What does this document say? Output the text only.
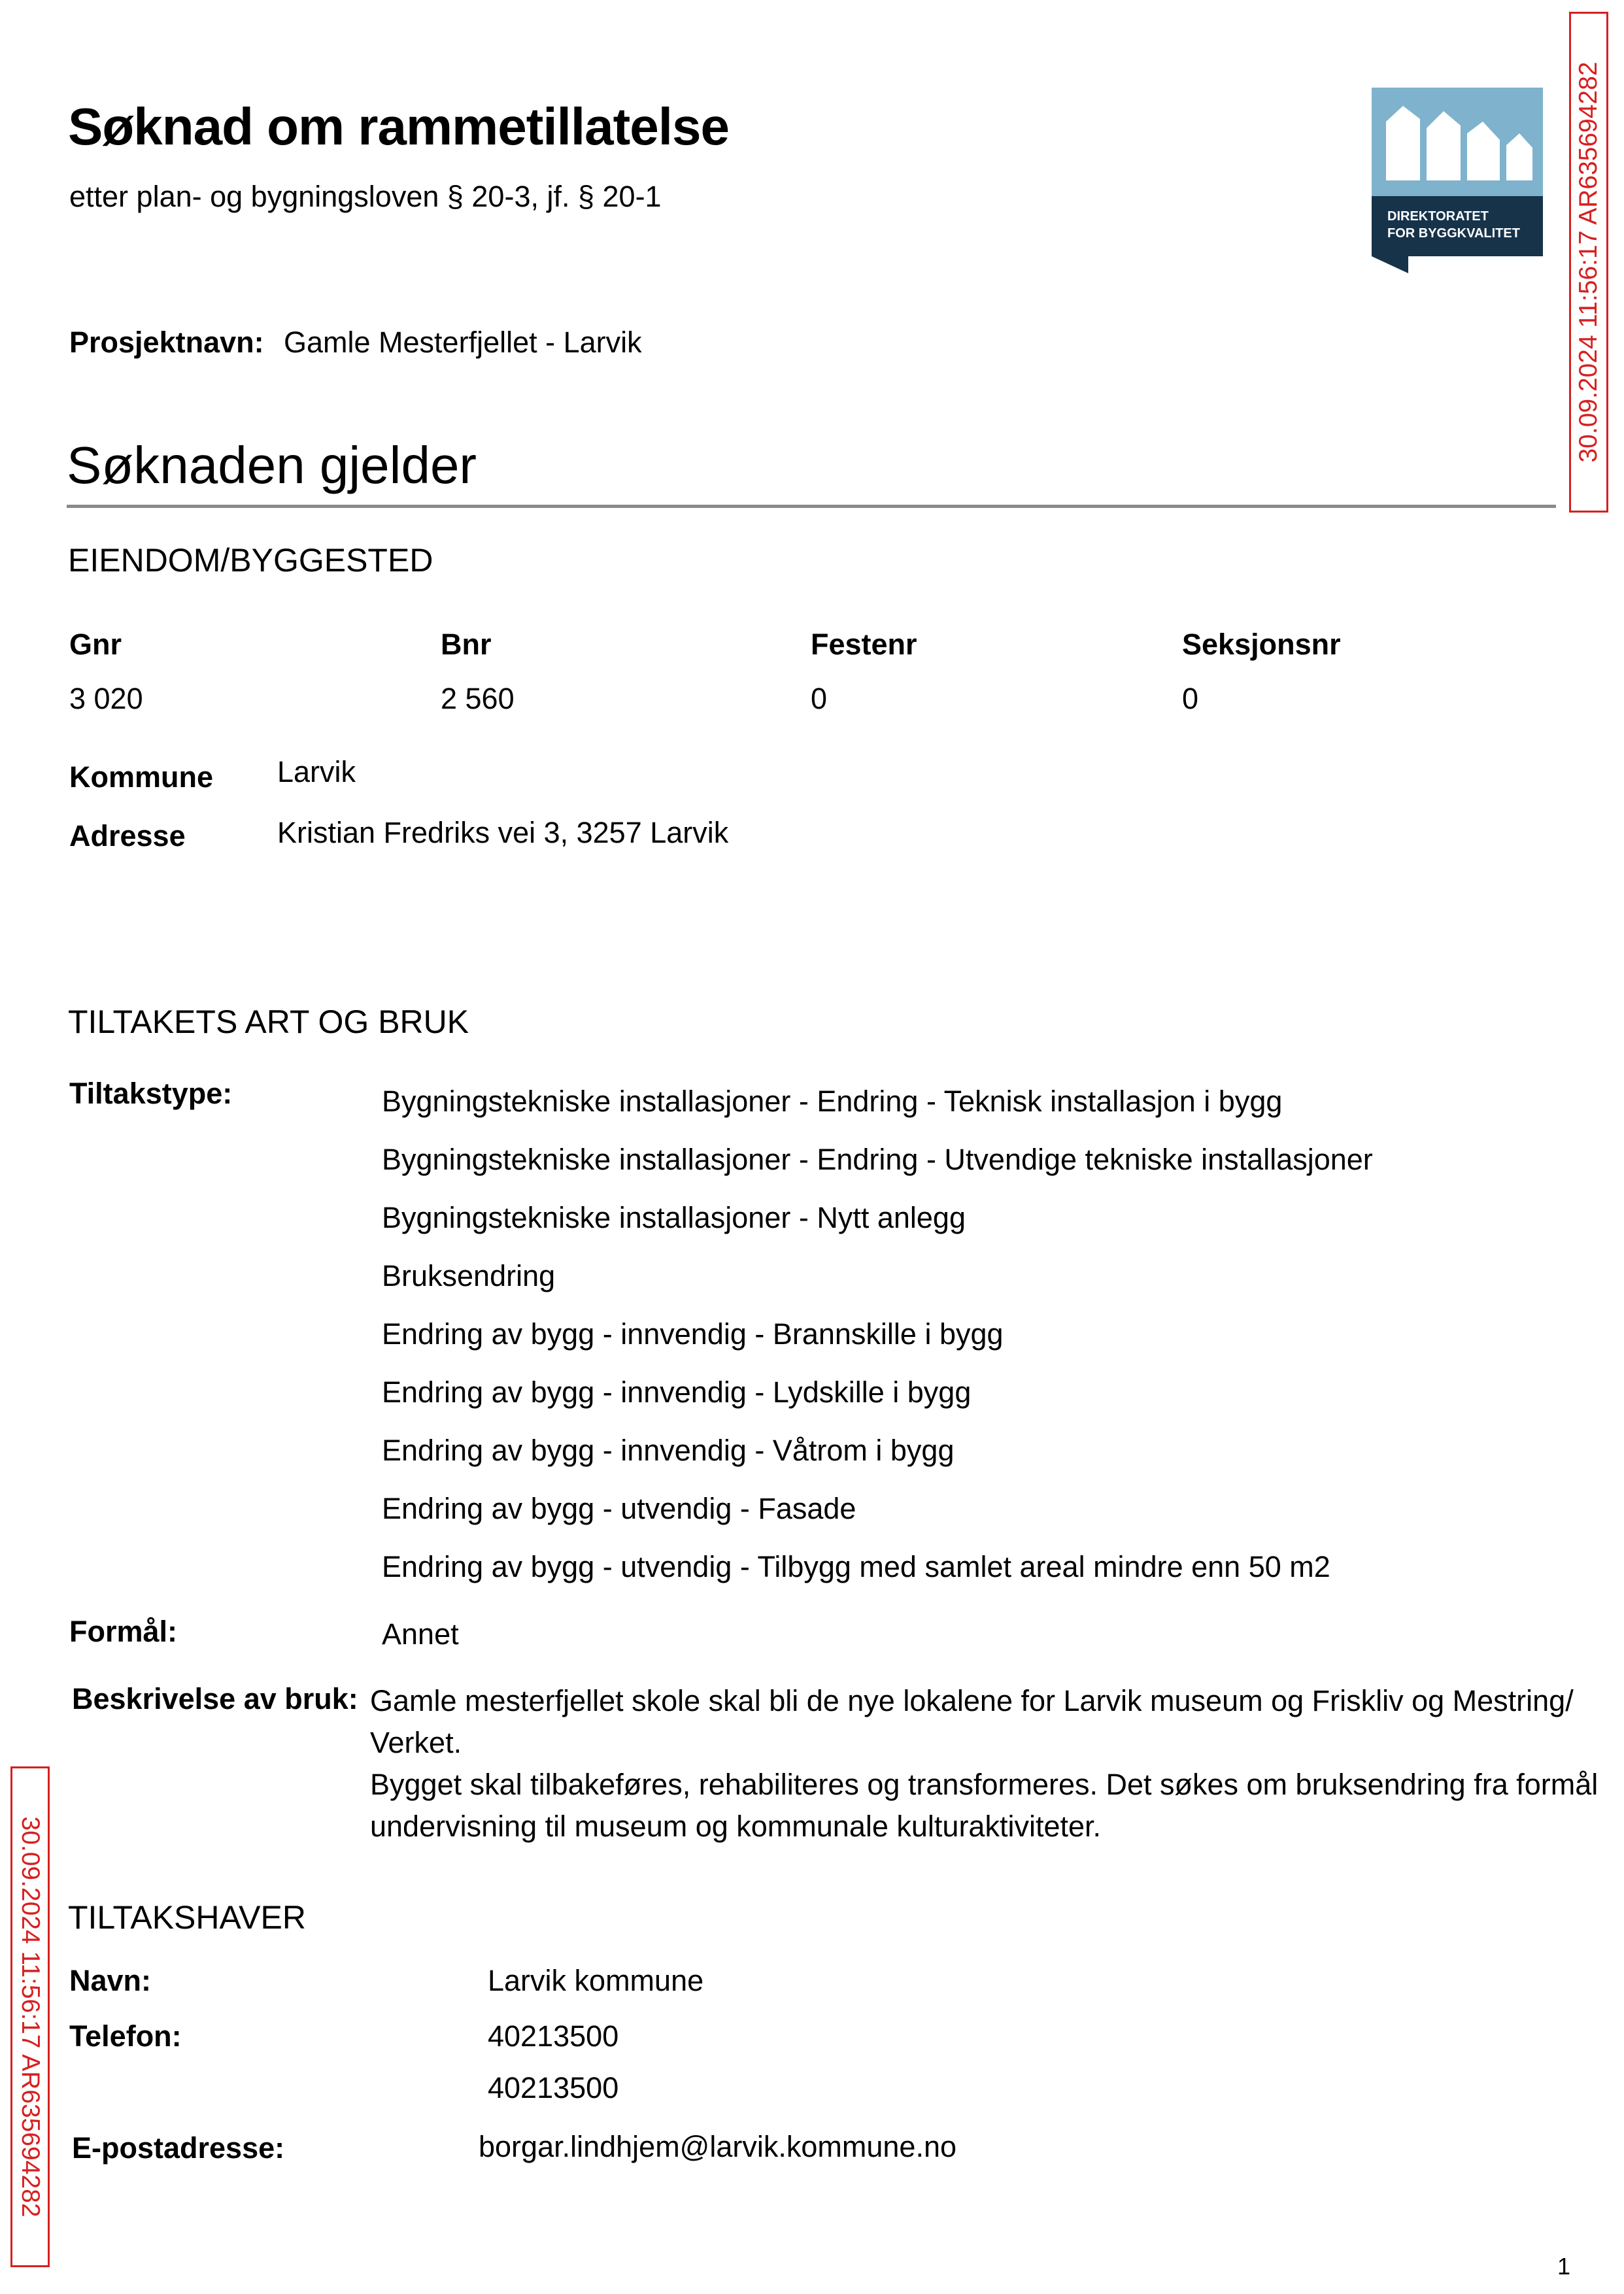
Søknad om rammetillatelse
etter plan- og bygningsloven § 20-3, jf. § 20-1
DIREKTORATET
FOR BYGGKVALITET 30.09.2024 11:56:17 AR635694282
30.09.2024 11:56:17 AR635694282
Prosjektnavn: Gamle Mesterfjellet - Larvik
Søknaden gjelder
EIENDOM/BYGGESTED
Gnr	Bnr	Festenr	Seksjonsnr
3 020	2 560	0	0
Kommune Larvik
Adresse	Kristian Fredriks vei 3, 3257 Larvik
TILTAKETS ART OG BRUK
Tiltakstype:	Bygningstekniske installasjoner - Endring - Teknisk installasjon i bygg
Bygningstekniske installasjoner - Endring - Utvendige tekniske installasjoner
Bygningstekniske installasjoner - Nytt anlegg
Bruksendring
Endring av bygg - innvendig - Brannskille i bygg
Endring av bygg - innvendig - Lydskille i bygg
Endring av bygg - innvendig - Våtrom i bygg
Endring av bygg - utvendig - Fasade
Endring av bygg - utvendig - Tilbygg med samlet areal mindre enn 50 m2
Formål:	Annet
Beskrivelse av bruk: Gamle mesterfjellet skole skal bli de nye lokalene for Larvik museum og Friskliv og Mestring/ Verket.
Bygget skal tilbakeføres, rehabiliteres og transformeres. Det søkes om bruksendring fra formål undervisning til museum og kommunale kulturaktiviteter.
TILTAKSHAVER
Navn:	Larvik kommune
Telefon:	40213500
40213500
E-postadresse:	borgar.lindhjem@larvik.kommune.no
1
